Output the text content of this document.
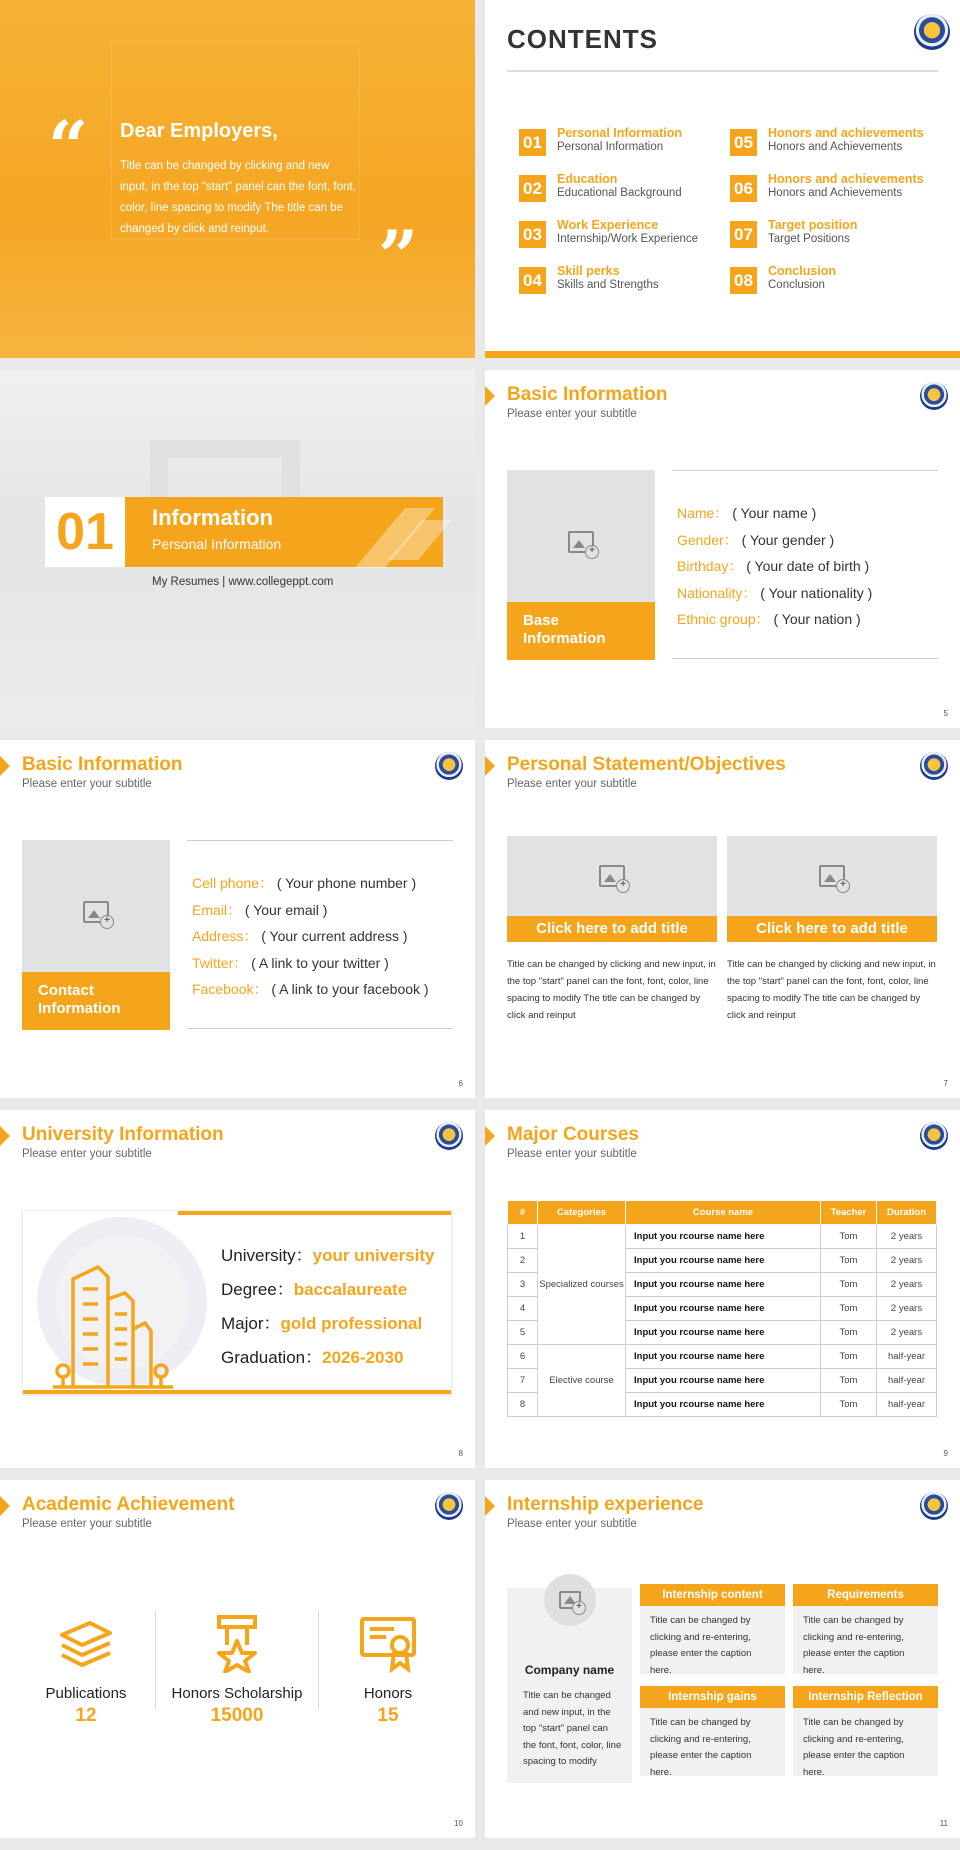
“ Dear Employers,

Title can be changed by clicking and new input, in the top "start" panel can the font, font, color, line spacing to modify The title can be changed by click and reinput.	”
CONTENTS
01	Personal Information
Personal Information
02	Education
Educational Background
03	Work Experience
Internship/Work Experience
04	Skill perks
Skills and Strengths
05	Honors and achievements
Honors and Achievements
06	Honors and achievements
Honors and Achievements
07	Target position
Target Positions
08	Conclusion
Conclusion
01	Information
Personal Information
My Resumes | www.collegeppt.com
Basic Information
Please enter your subtitle
+
Base Information
Name： ( Your name )
Gender： ( Your gender )
Birthday： ( Your date of birth )
Nationality： ( Your nationality )
Ethnic group： ( Your nation )
5
Basic Information
Please enter your subtitle
+
Contact Information
Cell phone： ( Your phone number )
Email： ( Your email )
Address： ( Your current address )
Twitter： ( A link to your twitter )
Facebook： ( A link to your facebook )
6
Personal Statement/Objectives
Please enter your subtitle
+
Click here to add title
Title can be changed by clicking and new input, in the top "start" panel can the font, font, color, line spacing to modify The title can be changed by click and reinput
+
Click here to add title
Title can be changed by clicking and new input, in the top "start" panel can the font, font, color, line spacing to modify The title can be changed by click and reinput
7
University Information
Please enter your subtitle
University：your university
Degree：baccalaureate
Major：gold professional
Graduation：2026-2030
8
Major Courses
Please enter your subtitle
#	Categories	Course name	Teacher	Duration
1	Specialized courses	Input you rcourse name here	Tom	2 years
2		Input you rcourse name here	Tom	2 years
3		Input you rcourse name here	Tom	2 years
4		Input you rcourse name here	Tom	2 years
5		Input you rcourse name here	Tom	2 years
6	Elective course	Input you rcourse name here	Tom	half-year
7		Input you rcourse name here	Tom	half-year
8		Input you rcourse name here	Tom	half-year
9
Academic Achievement
Please enter your subtitle
Publications
12
Honors Scholarship
15000
Honors
15
10
Internship experience
Please enter your subtitle
+
Company name
Title can be changed and new input, in the top "start" panel can the font, font, color, line spacing to modify
Internship content
Title can be changed by clicking and re-entering, please enter the caption here.
Requirements
Title can be changed by clicking and re-entering, please enter the caption here.
Internship gains
Title can be changed by clicking and re-entering, please enter the caption here.
Internship Reflection
Title can be changed by clicking and re-entering, please enter the caption here.
11
